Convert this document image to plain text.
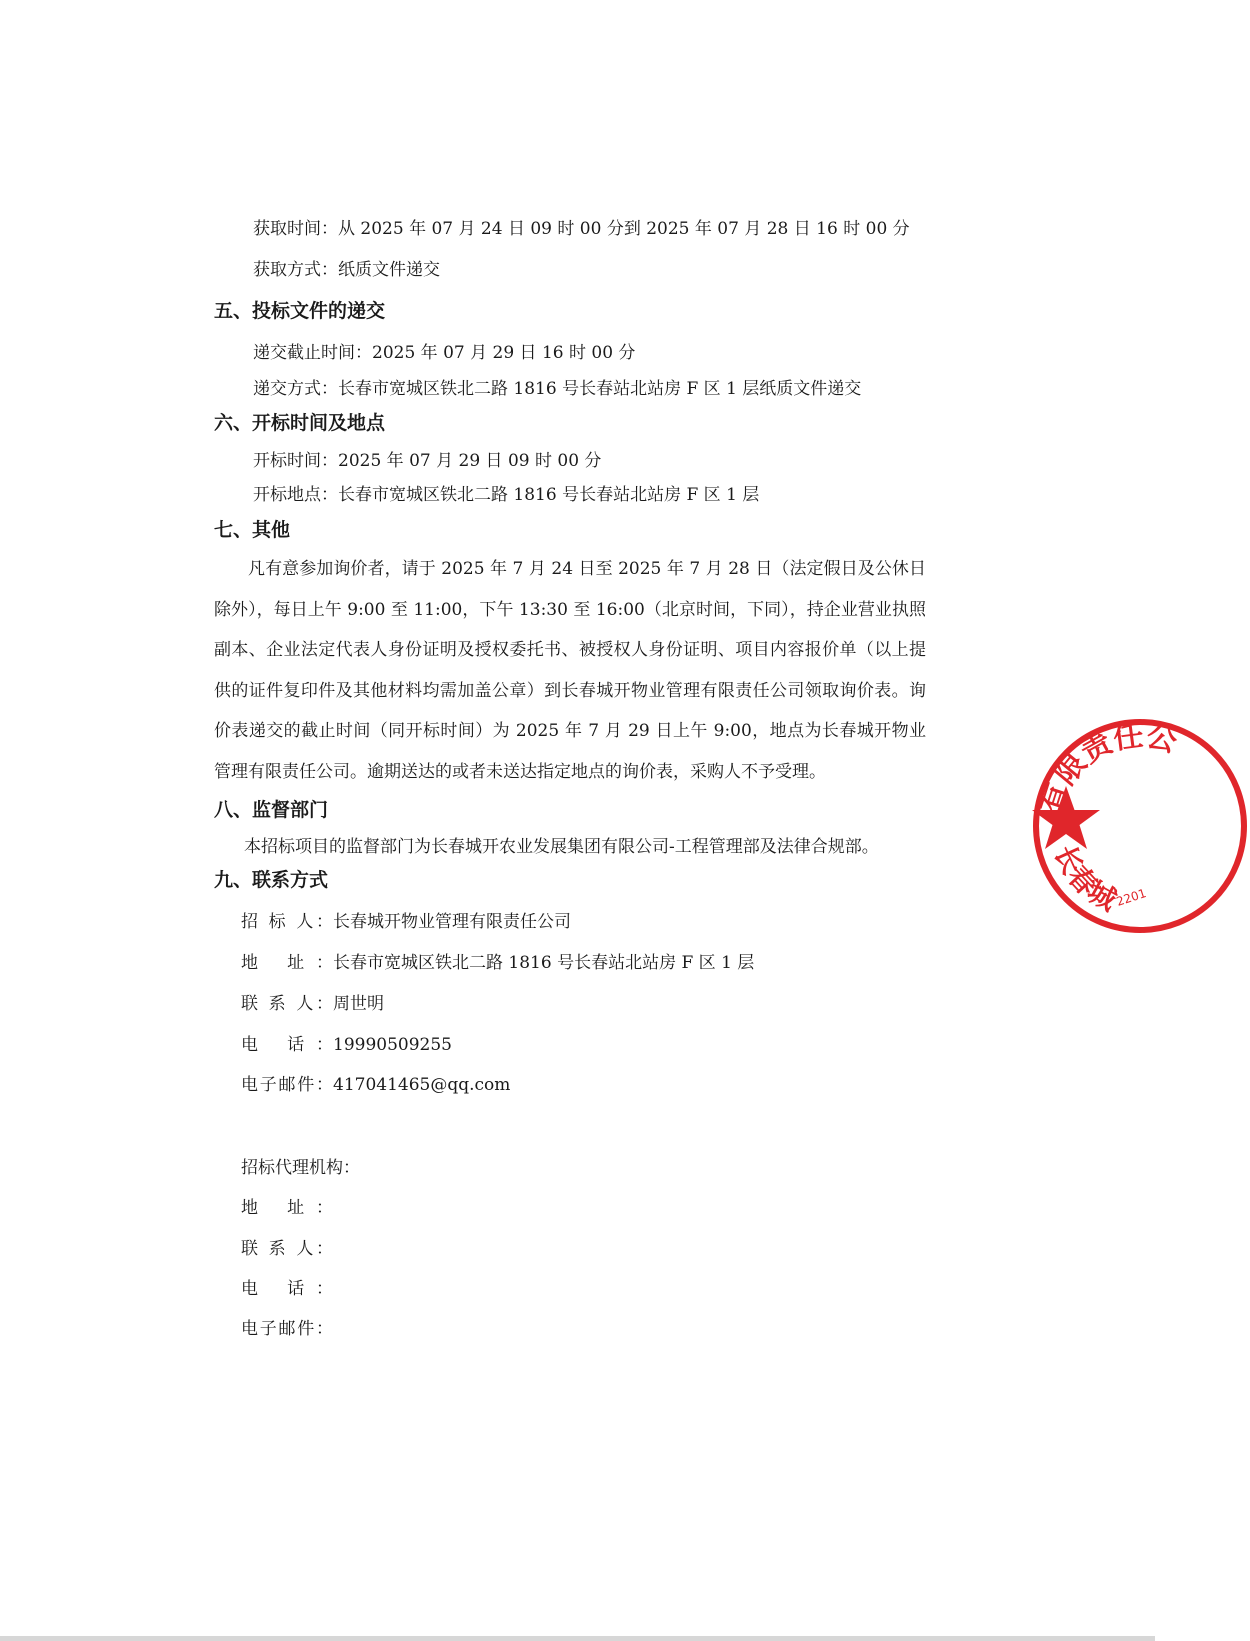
获取时间：从 2025 年 07 月 24 日 09 时 00 分到 2025 年 07 月 28 日 16 时 00 分
获取方式：纸质文件递交
五、投标文件的递交
递交截止时间：2025 年 07 月 29 日 16 时 00 分
递交方式：长春市宽城区铁北二路 1816 号长春站北站房 F 区 1 层纸质文件递交
六、开标时间及地点
开标时间：2025 年 07 月 29 日 09 时 00 分
开标地点：长春市宽城区铁北二路 1816 号长春站北站房 F 区 1 层
七、其他
凡有意参加询价者，请于 2025 年 7 月 24 日至 2025 年 7 月 28 日（法定假日及公休日除外），每日上午 9:00 至 11:00，下午 13:30 至 16:00（北京时间，下同），持企业营业执照副本、企业法定代表人身份证明及授权委托书、被授权人身份证明、项目内容报价单（以上提供的证件复印件及其他材料均需加盖公章）到长春城开物业管理有限责任公司领取询价表。询价表递交的截止时间（同开标时间）为 2025 年 7 月 29 日上午 9:00，地点为长春城开物业管理有限责任公司。逾期送达的或者未送达指定地点的询价表，采购人不予受理。
八、监督部门
本招标项目的监督部门为长春城开农业发展集团有限公司-工程管理部及法律合规部。
九、联系方式
招 标 人：长春城开物业管理有限责任公司
地 址：长春市宽城区铁北二路 1816 号长春站北站房 F 区 1 层
联 系 人：周世明
电 话：19990509255
电子邮件：417041465@qq.com
招标代理机构：
地 址：
联 系 人：
电 话：
电子邮件：
有限责任公
长春城
2201
